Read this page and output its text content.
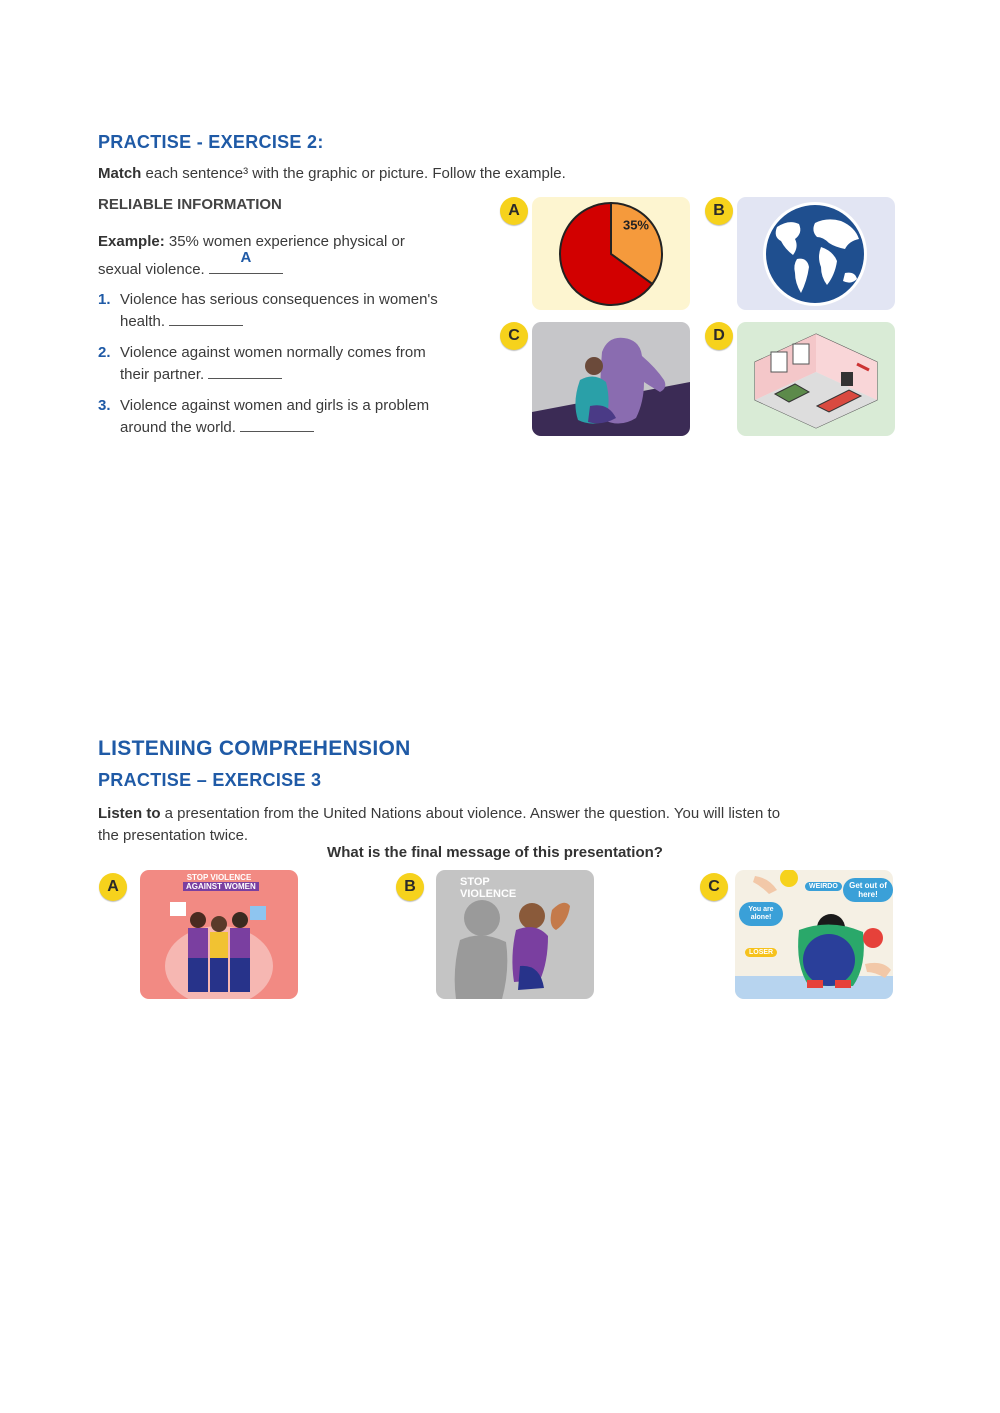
PRACTISE - EXERCISE 2:
Match each sentence³ with the graphic or picture. Follow the example.
RELIABLE INFORMATION
Example: 35% women experience physical or
sexual violence.
A
1. Violence has serious consequences in women's
health.
2. Violence against women normally comes from
their partner.
3. Violence against women and girls is a problem
around the world.
35%
A	B
C	D
LISTENING COMPREHENSION
PRACTISE – EXERCISE 3
Listen to a presentation from the United Nations about violence. Answer the question. You will listen to
the presentation twice.
What is the final message of this presentation?
STOP VIOLENCE
AGAINST WOMEN
A	STOP
VIOLENCE
B	WEIRDO	Get out of here!
You are alone!
LOSER
C
